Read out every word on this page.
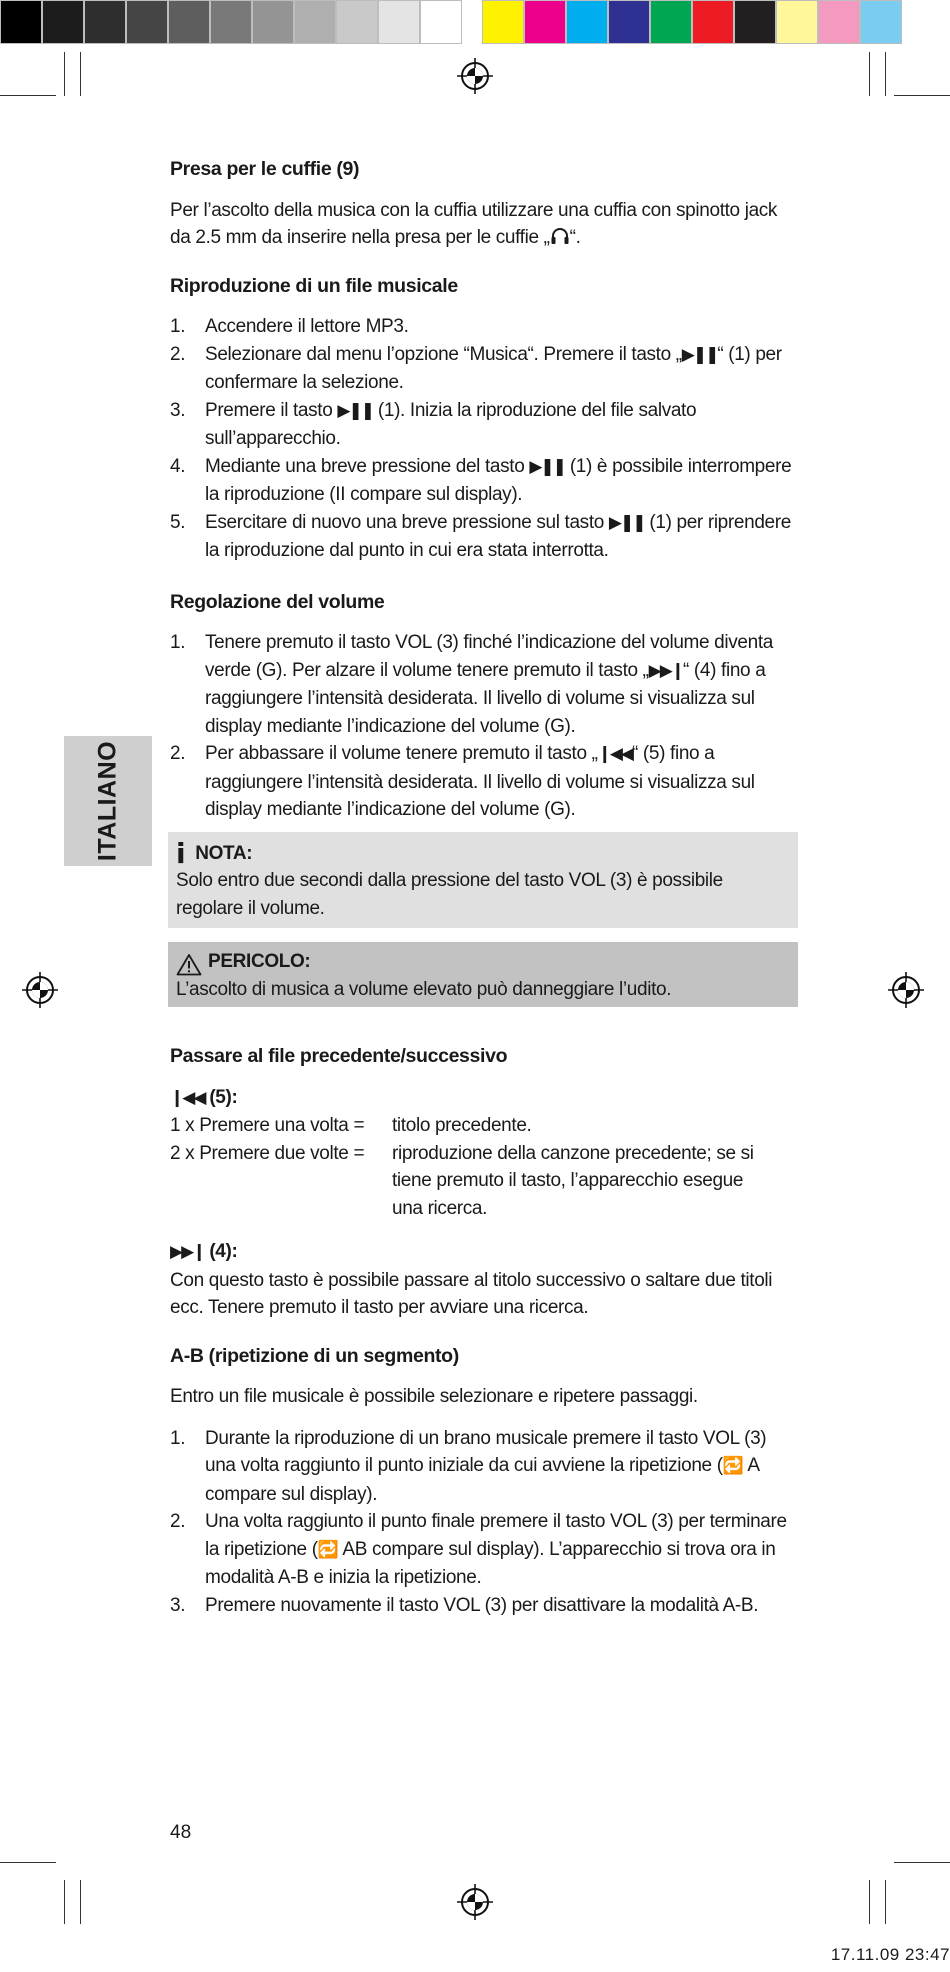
ITALIANO
Presa per le cuffie (9)
Per l’ascolto della musica con la cuffia utilizzare una cuffia con spinotto jack da 2.5 mm da inserire nella presa per le cuffie „ “.
Riproduzione di un file musicale
1. Accendere il lettore MP3.
2. Selezionare dal menu l’opzione “Musica“. Premere il tasto „▶❚❚“ (1) per confermare la selezione.
3. Premere il tasto ▶❚❚ (1). Inizia la riproduzione del file salvato sull’apparecchio.
4. Mediante una breve pressione del tasto ▶❚❚ (1) è possibile interrompere la riproduzione (II compare sul display).
5. Esercitare di nuovo una breve pressione sul tasto ▶❚❚ (1) per riprendere la riproduzione dal punto in cui era stata interrotta.
Regolazione del volume
1. Tenere premuto il tasto VOL (3) finché l’indicazione del volume diventa verde (G). Per alzare il volume tenere premuto il tasto „▶▶❙“ (4) fino a raggiungere l’intensità desiderata. Il livello di volume si visualizza sul display mediante l’indicazione del volume (G).
2. Per abbassare il volume tenere premuto il tasto „❙◀◀“ (5) fino a raggiungere l’intensità desiderata. Il livello di volume si visualizza sul display mediante l’indicazione del volume (G).
i NOTA:
Solo entro due secondi dalla pressione del tasto VOL (3) è possibile regolare il volume.
PERICOLO:
L’ascolto di musica a volume elevato può danneggiare l’udito.
Passare al file precedente/successivo
❙◀◀ (5):
1 x Premere una volta =	titolo precedente.
2 x Premere due volte =	riproduzione della canzone precedente; se si tiene premuto il tasto, l’apparecchio esegue una ricerca.
▶▶❙ (4):
Con questo tasto è possibile passare al titolo successivo o saltare due titoli ecc. Tenere premuto il tasto per avviare una ricerca.
A-B (ripetizione di un segmento)
Entro un file musicale è possibile selezionare e ripetere passaggi.
1. Durante la riproduzione di un brano musicale premere il tasto VOL (3) una volta raggiunto il punto iniziale da cui avviene la ripetizione (🔁 A compare sul display).
2. Una volta raggiunto il punto finale premere il tasto VOL (3) per terminare la ripetizione (🔁 AB compare sul display). L’apparecchio si trova ora in modalità A-B e inizia la ripetizione.
3. Premere nuovamente il tasto VOL (3) per disattivare la modalità A-B.
48
17.11.09 23:47
